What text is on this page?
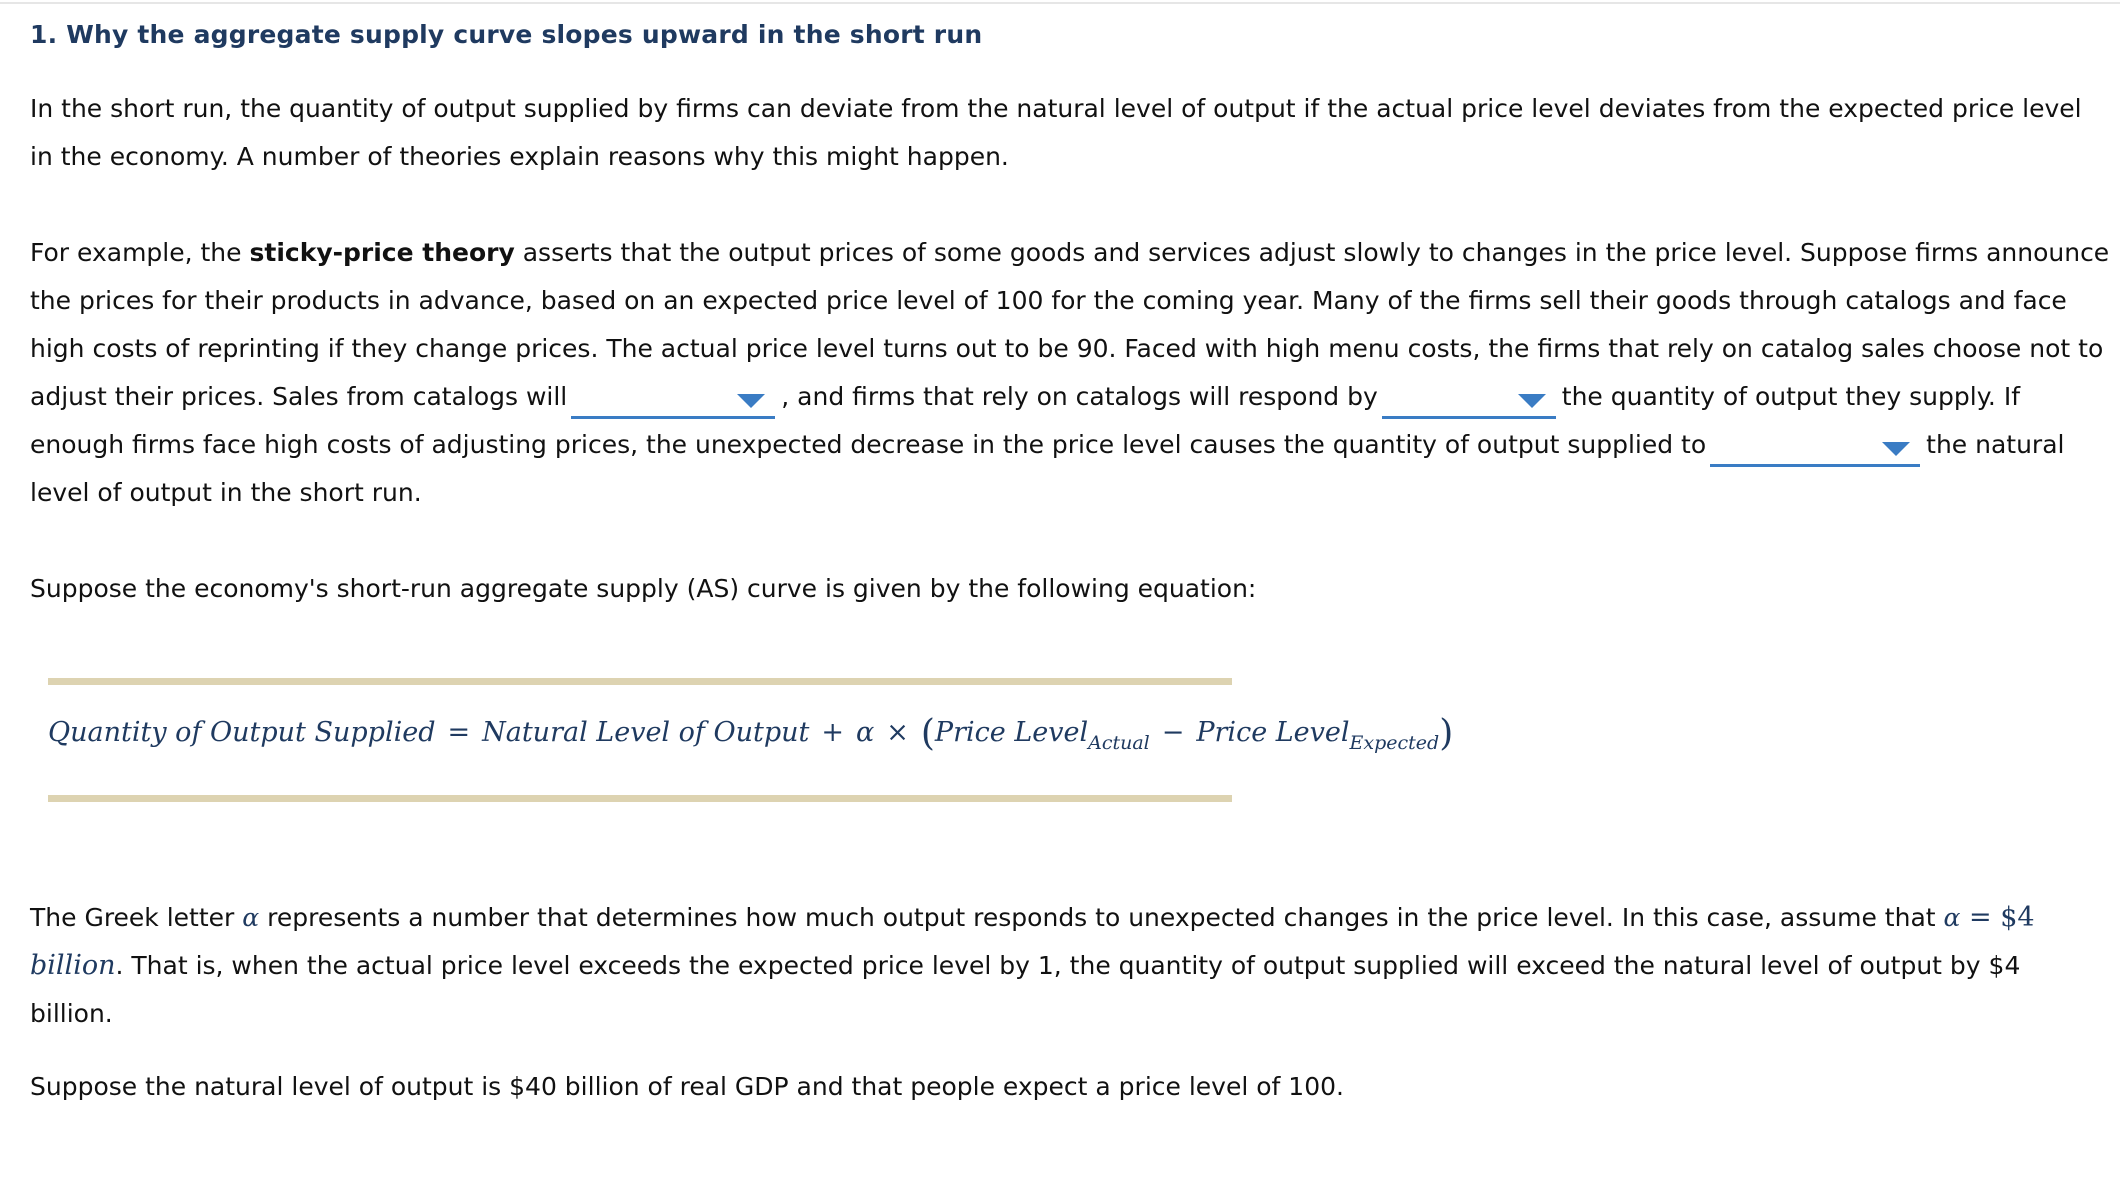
1. Why the aggregate supply curve slopes upward in the short run

In the short run, the quantity of output supplied by firms can deviate from the natural level of output if the actual price level deviates from the expected price level in the economy. A number of theories explain reasons why this might happen.

For example, the sticky-price theory asserts that the output prices of some goods and services adjust slowly to changes in the price level. Suppose firms announce the prices for their products in advance, based on an expected price level of 100 for the coming year. Many of the firms sell their goods through catalogs and face high costs of reprinting if they change prices. The actual price level turns out to be 90. Faced with high menu costs, the firms that rely on catalog sales choose not to adjust their prices. Sales from catalogs will	, and firms that rely on catalogs will respond by	the quantity of output they supply. If enough firms face high costs of adjusting prices, the unexpected decrease in the price level causes the quantity of output supplied to	the natural level of output in the short run.

Suppose the economy's short-run aggregate supply (AS) curve is given by the following equation:

Quantity of Output Supplied = Natural Level of Output + α × (Price Level$_{Actual}$ − Price Level$_{Expected}$)

The Greek letter α represents a number that determines how much output responds to unexpected changes in the price level. In this case, assume that α = $4 billion. That is, when the actual price level exceeds the expected price level by 1, the quantity of output supplied will exceed the natural level of output by $4 billion.

Suppose the natural level of output is $40 billion of real GDP and that people expect a price level of 100.
